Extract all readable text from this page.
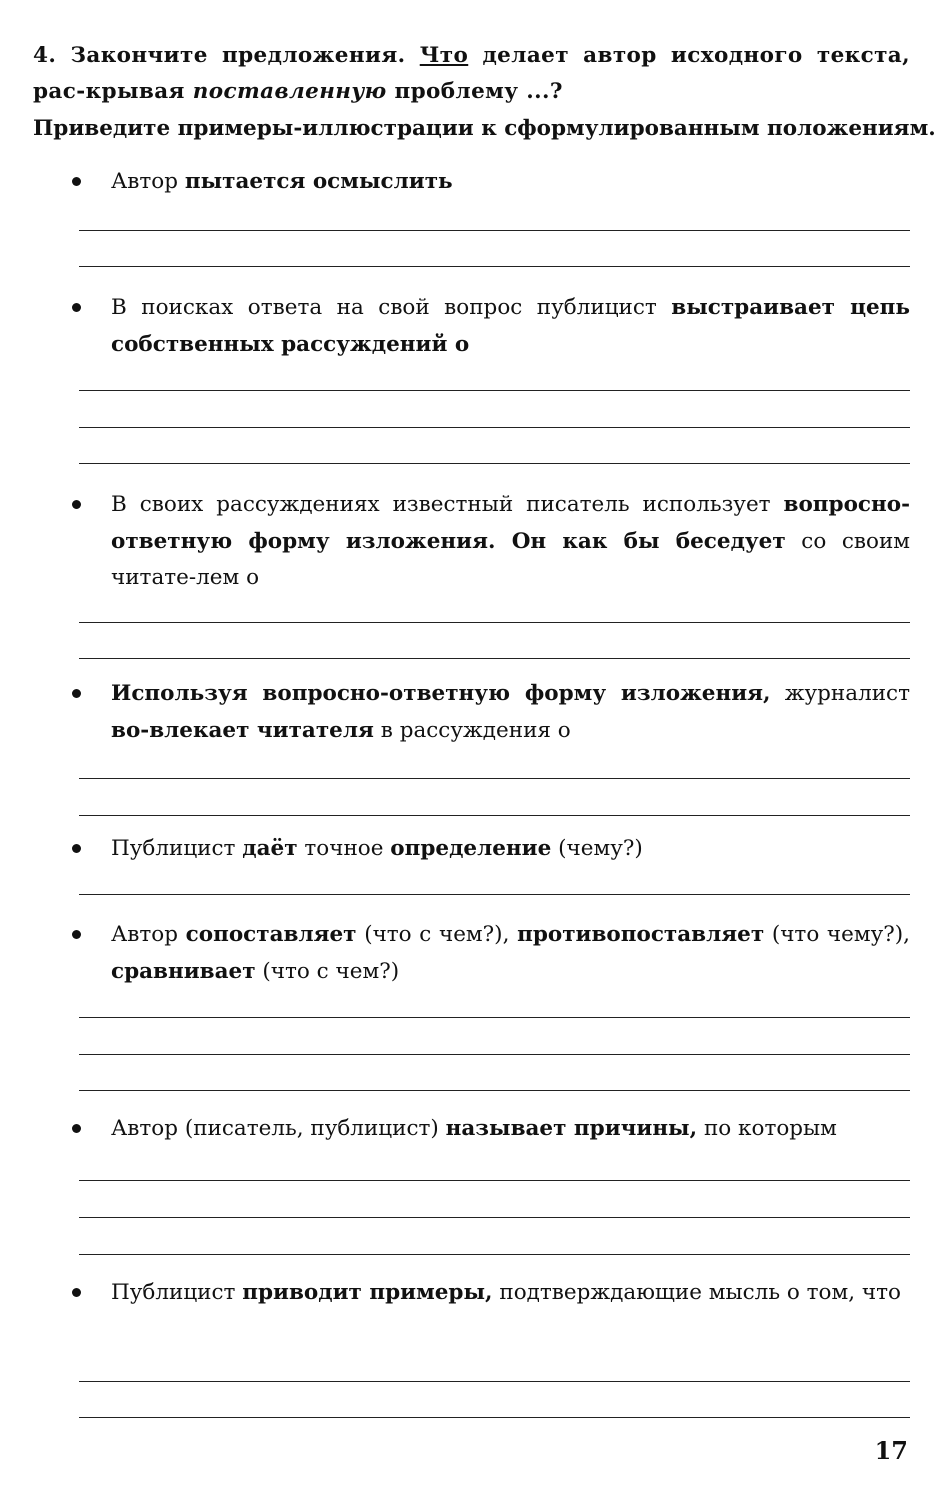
4. Закончите предложения. Что делает автор исходного текста, рас-крывая поставленную проблему ...?
Приведите примеры-иллюстрации к сформулированным положениям.
Автор пытается осмыслить
В поисках ответа на свой вопрос публицист выстраивает цепь собственных рассуждений о
В своих рассуждениях известный писатель использует вопросно-ответную форму изложения. Он как бы беседует со своим читате-лем о
Используя вопросно-ответную форму изложения, журналист во-влекает читателя в рассуждения о
Публицист даёт точное определение (чему?)
Автор сопоставляет (что с чем?), противопоставляет (что чему?), сравнивает (что с чем?)
Автор (писатель, публицист) называет причины, по которым
Публицист приводит примеры, подтверждающие мысль о том, что
17
